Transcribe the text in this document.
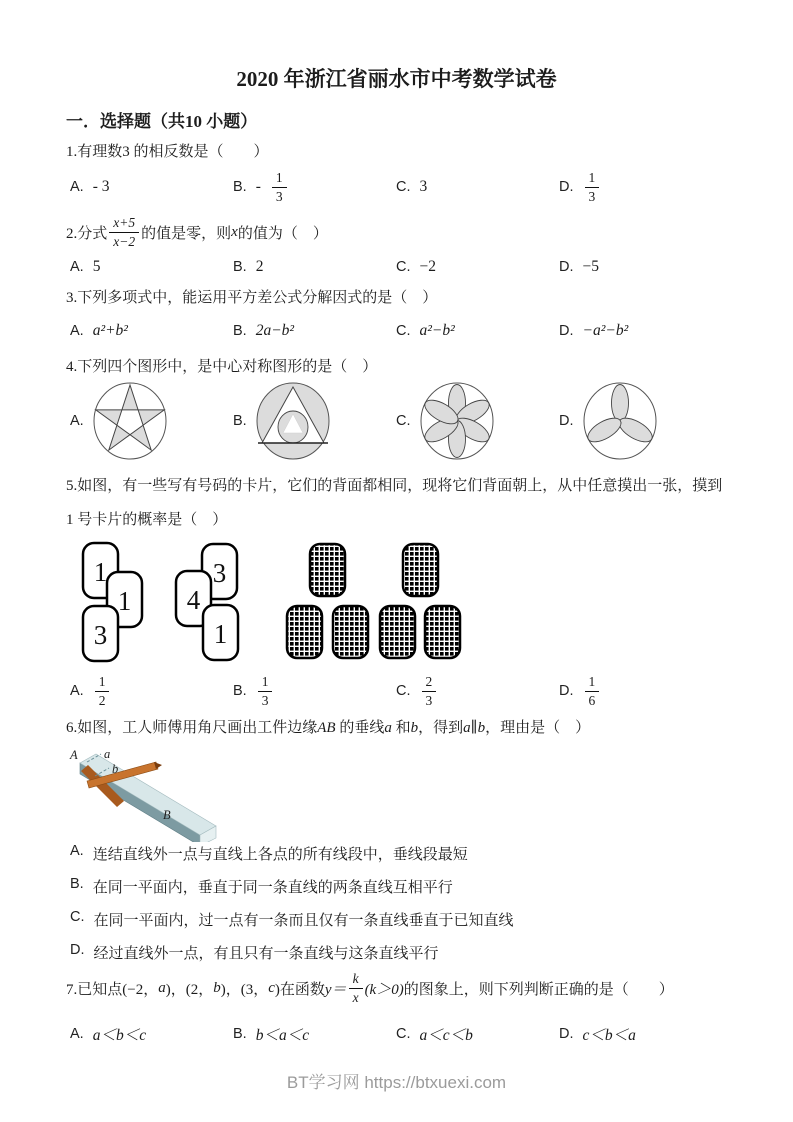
2020 年浙江省丽水市中考数学试卷
一．选择题（共10 小题）

1.有理数3 的相反数是（　　）

A. - 3	B. - $\frac{1}{3}$	C. 3	D. $\frac{1}{3}$

2.分式 $\frac{x+5}{x-2}$ 的值是零，则 x 的值为（　）

A. 5	B. 2	C. −2	D. −5

3.下列多项式中，能运用平方差公式分解因式的是（　）

A. a²+b²	B. 2a−b²	C. a²−b²	D. −a²−b²

4.下列四个图形中，是中心对称图形的是（　）

A.	B.	C.	D.

5.如图，有一些写有号码的卡片，它们的背面都相同，现将它们背面朝上，从中任意摸出一张，摸到1 号卡片的概率是（　）

1
1
3
3
4
1
A. $\frac{1}{2}$	B. $\frac{1}{3}$	C. $\frac{2}{3}$	D. $\frac{1}{6}$

6.如图，工人师傅用角尺画出工件边缘AB 的垂线a 和b，得到a∥b，理由是（　）

A a
b
B

A. 连结直线外一点与直线上各点的所有线段中，垂线段最短

B. 在同一平面内，垂直于同一条直线的两条直线互相平行

C. 在同一平面内，过一点有一条而且仅有一条直线垂直于已知直线

D. 经过直线外一点，有且只有一条直线与这条直线平行

7.已知点(−2， a )，(2， b )，(3， c )在函数 $y= \frac{k}{x} (k>0)$ 的图象上，则下列判断正确的是（　　）

A. a＜b＜c	B. b＜a＜c	C. a＜c＜b	D. c＜b＜a

BT学习网 https://btxuexi.com
